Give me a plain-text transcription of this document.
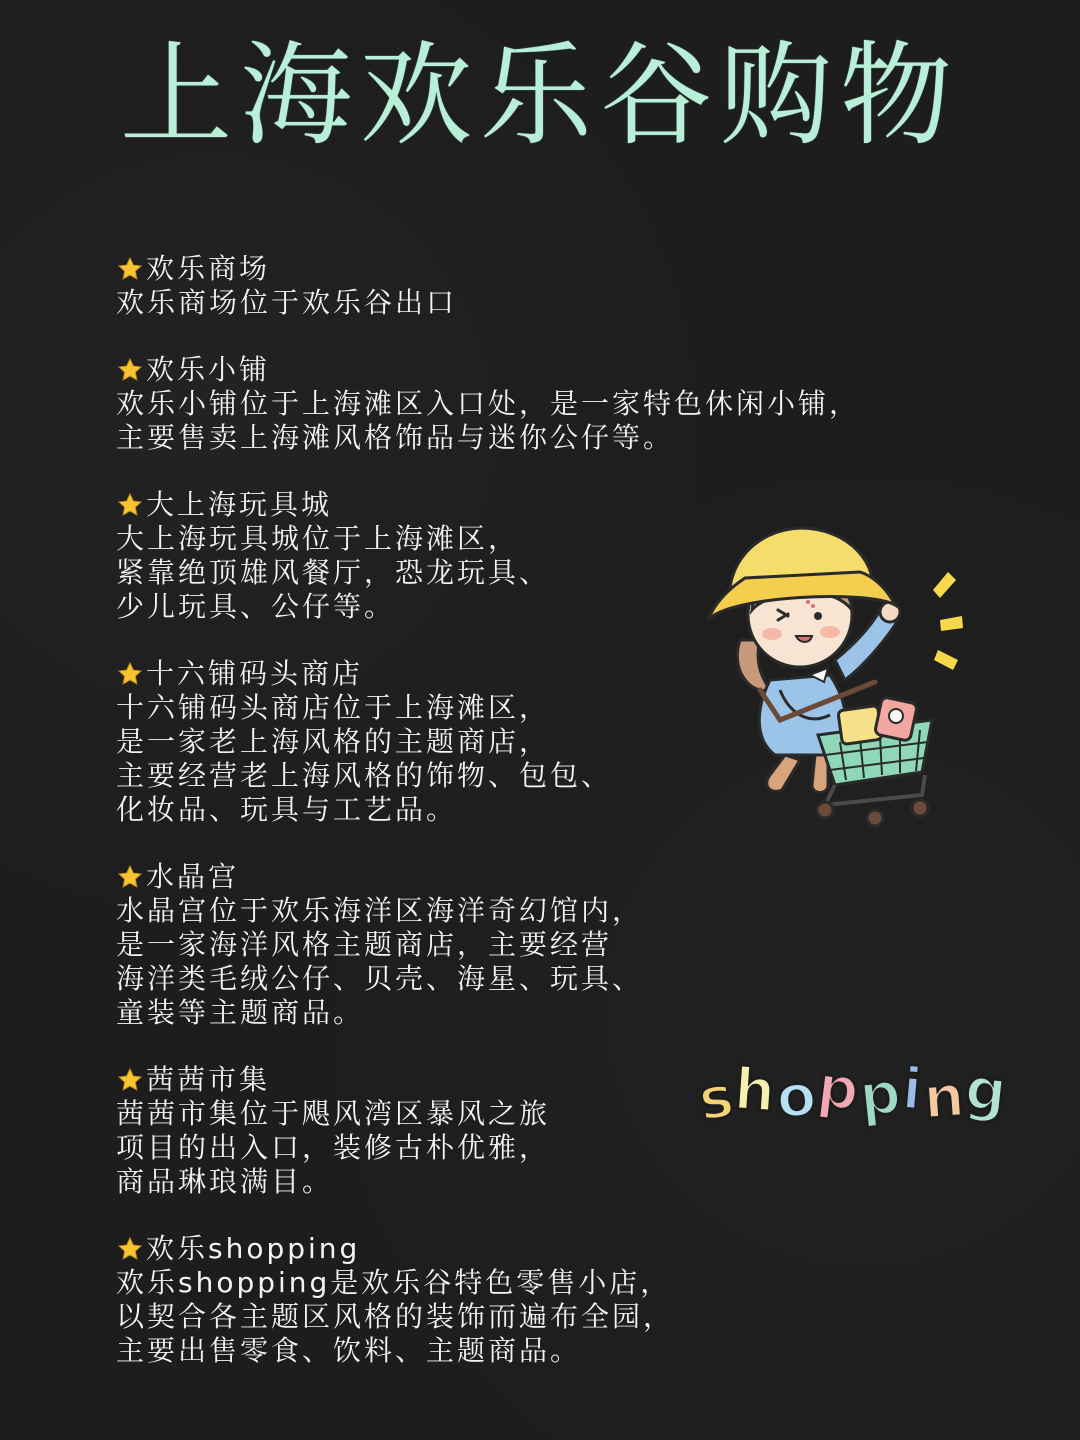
上海欢乐谷购物
欢乐商场
欢乐商场位于欢乐谷出口
欢乐小铺
欢乐小铺位于上海滩区入口处，是一家特色休闲小铺，
主要售卖上海滩风格饰品与迷你公仔等。
大上海玩具城
大上海玩具城位于上海滩区，
紧靠绝顶雄风餐厅，恐龙玩具、
少儿玩具、公仔等。
十六铺码头商店
十六铺码头商店位于上海滩区，
是一家老上海风格的主题商店，
主要经营老上海风格的饰物、包包、
化妆品、玩具与工艺品。
水晶宫
水晶宫位于欢乐海洋区海洋奇幻馆内，
是一家海洋风格主题商店，主要经营
海洋类毛绒公仔、贝壳、海星、玩具、
童装等主题商品。
茜茜市集
茜茜市集位于飓风湾区暴风之旅
项目的出入口，装修古朴优雅，
商品琳琅满目。
欢乐shopping
欢乐shopping是欢乐谷特色零售小店，
以契合各主题区风格的装饰而遍布全园，
主要出售零食、饮料、主题商品。
shopping
